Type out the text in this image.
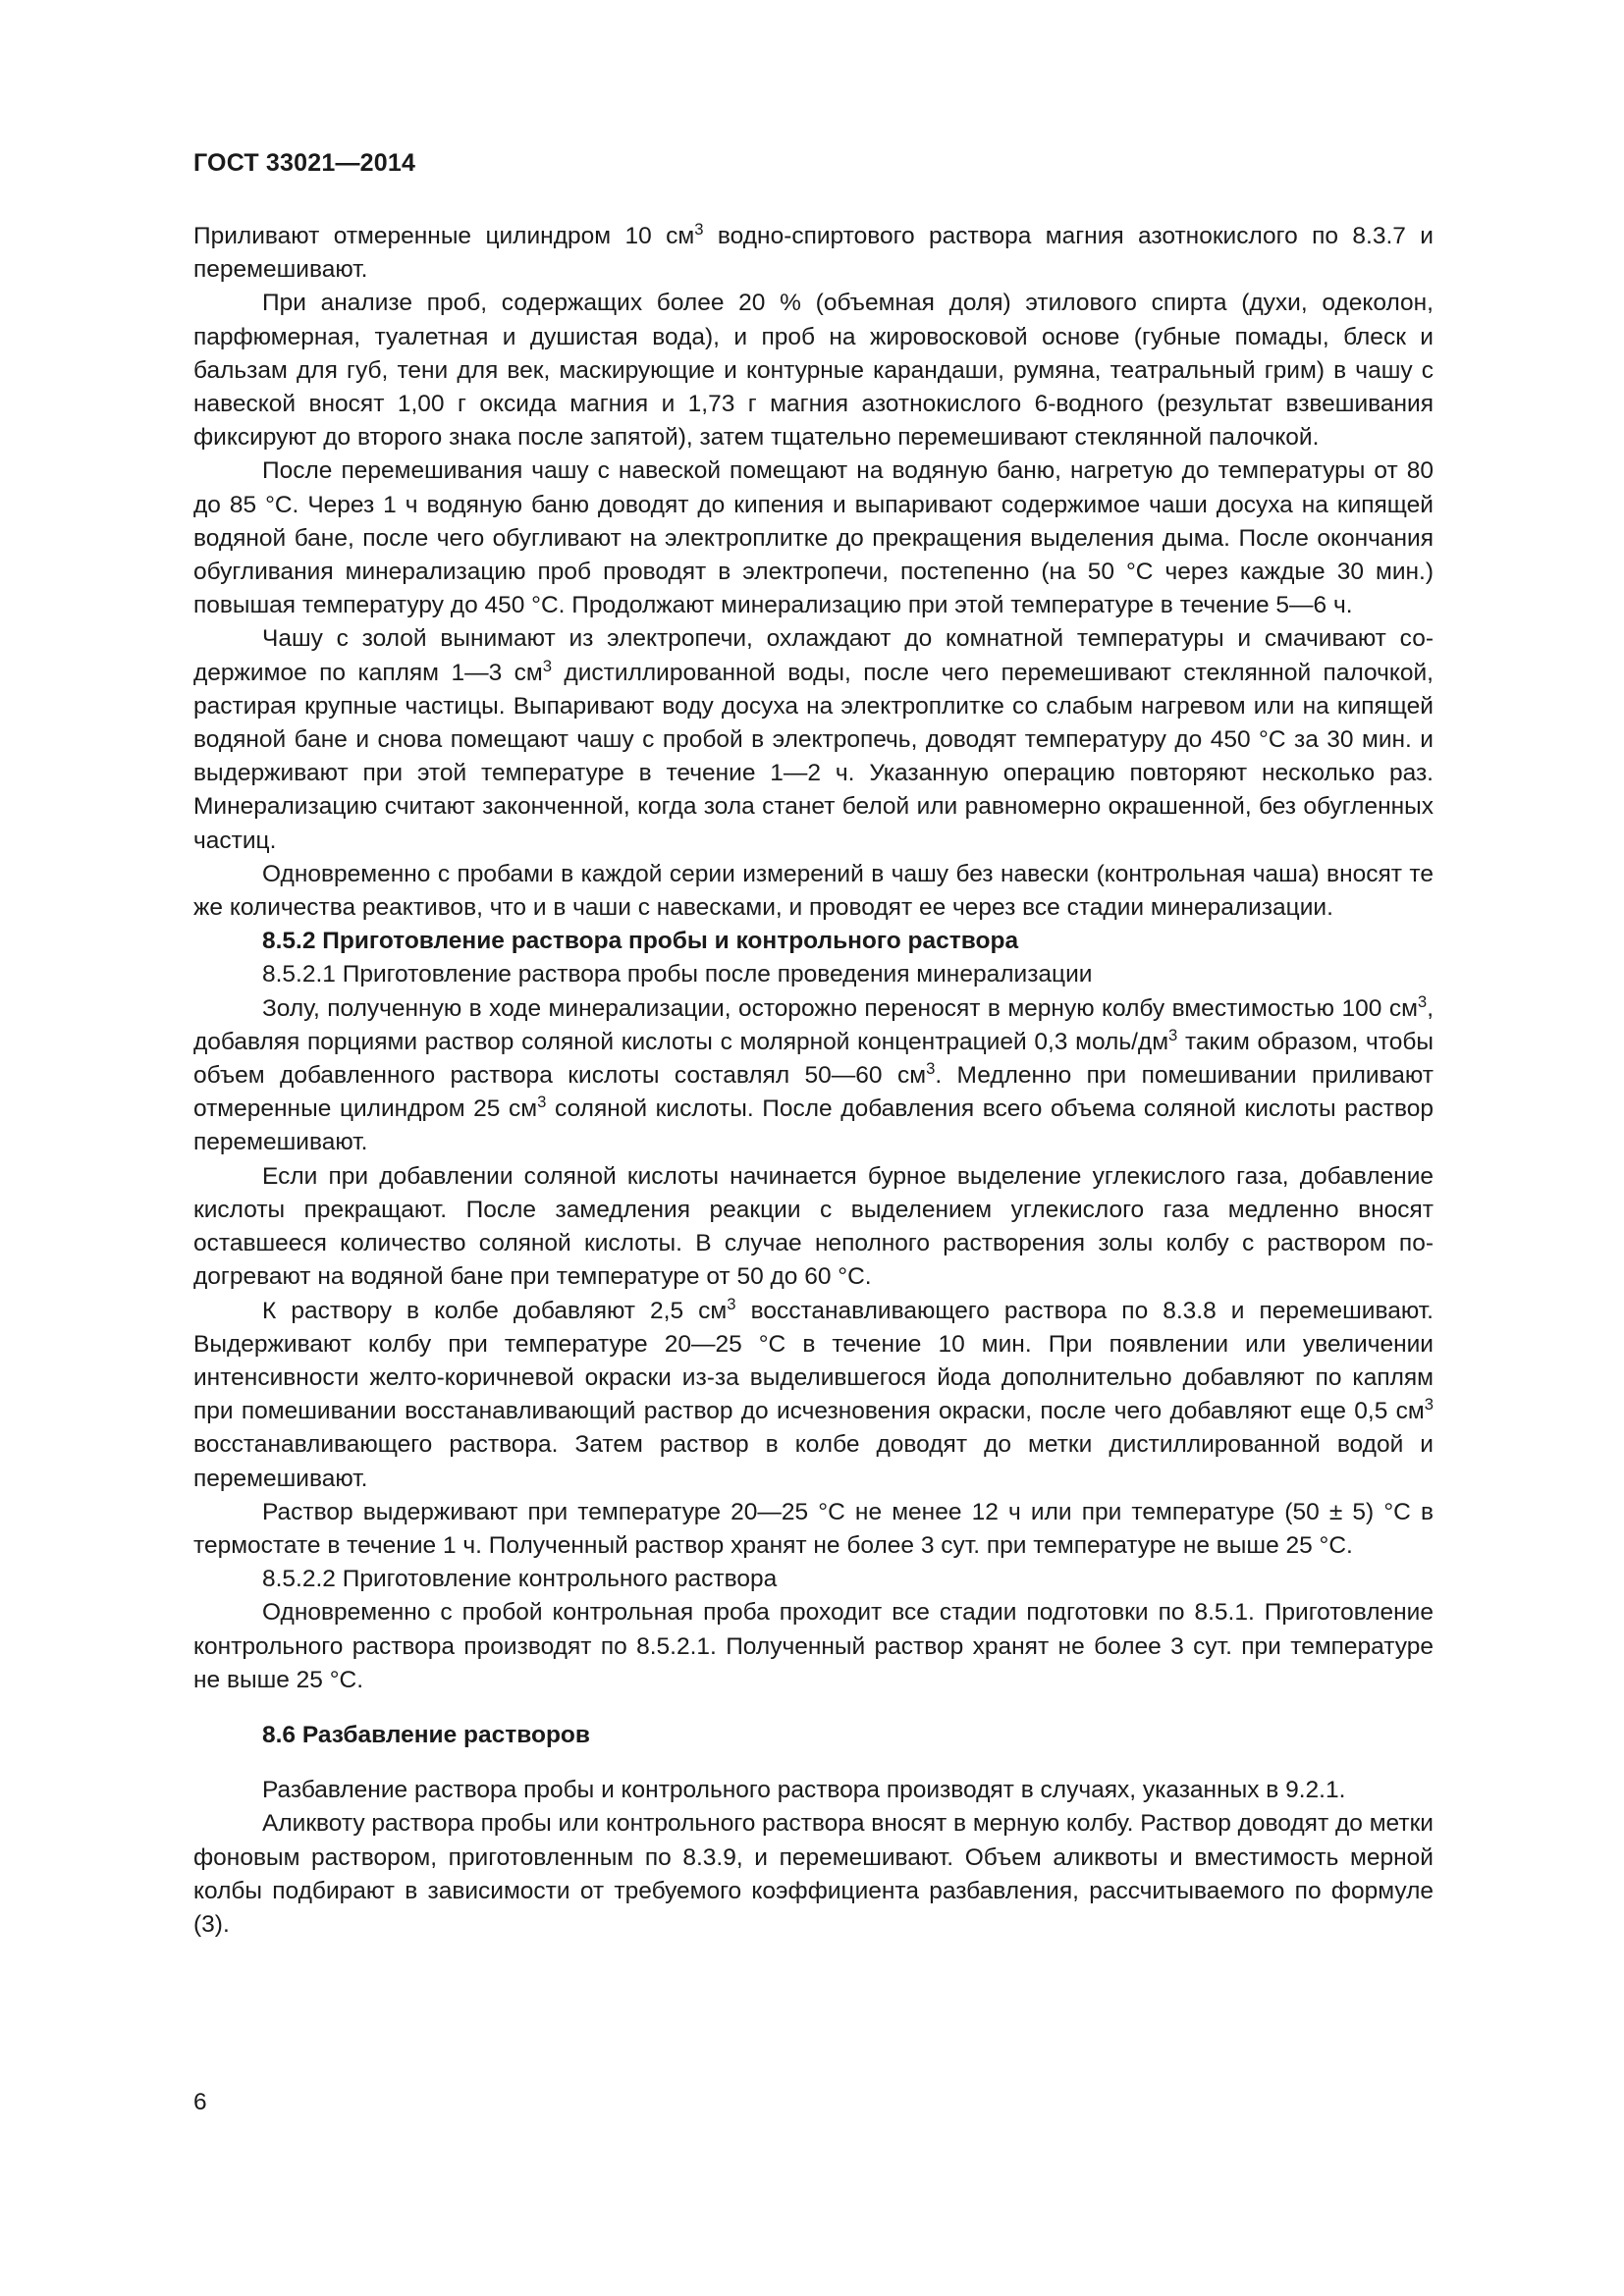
ГОСТ 33021—2014

Приливают отмеренные цилиндром 10 $см^3$ водно-спиртового раствора магния азотнокислого по 8.3.7 и перемешивают.

При анализе проб, содержащих более 20 % (объемная доля) этилового спирта (духи, одеколон, парфюмерная, туалетная и душистая вода), и проб на жировосковой основе (губные помады, блеск и бальзам для губ, тени для век, маскирующие и контурные карандаши, румяна, театральный грим) в чашу с навеской вносят 1,00 г оксида магния и 1,73 г магния азотнокислого 6-водного (результат взвешивания фиксируют до второго знака после запятой), затем тщательно перемешивают стеклянной палочкой.

После перемешивания чашу с навеской помещают на водяную баню, нагретую до температуры от 80 до 85 °С. Через 1 ч водяную баню доводят до кипения и выпаривают содержимое чаши досуха на кипящей водяной бане, после чего обугливают на электроплитке до прекращения выделения дыма. После окончания обугливания минерализацию проб проводят в электропечи, постепенно (на 50 °С через каждые 30 мин.) повышая температуру до 450 °С. Продолжают минерализацию при этой температуре в течение 5—6 ч.

Чашу с золой вынимают из электропечи, охлаждают до комнатной температуры и смачивают содержимое по каплям 1—3 $см^3$ дистиллированной воды, после чего перемешивают стеклянной палочкой, растирая крупные частицы. Выпаривают воду досуха на электроплитке со слабым нагревом или на кипящей водяной бане и снова помещают чашу с пробой в электропечь, доводят температуру до 450 °С за 30 мин. и выдерживают при этой температуре в течение 1—2 ч. Указанную операцию повторяют несколько раз. Минерализацию считают законченной, когда зола станет белой или равномерно окрашенной, без обугленных частиц.

Одновременно с пробами в каждой серии измерений в чашу без навески (контрольная чаша) вносят те же количества реактивов, что и в чаши с навесками, и проводят ее через все стадии минерализации.

8.5.2 Приготовление раствора пробы и контрольного раствора

8.5.2.1 Приготовление раствора пробы после проведения минерализации

Золу, полученную в ходе минерализации, осторожно переносят в мерную колбу вместимостью 100 $см^3$, добавляя порциями раствор соляной кислоты с молярной концентрацией 0,3 моль/$дм^3$ таким образом, чтобы объем добавленного раствора кислоты составлял 50—60 $см^3$. Медленно при помешивании приливают отмеренные цилиндром 25 $см^3$ соляной кислоты. После добавления всего объема соляной кислоты раствор перемешивают.

Если при добавлении соляной кислоты начинается бурное выделение углекислого газа, добавление кислоты прекращают. После замедления реакции с выделением углекислого газа медленно вносят оставшееся количество соляной кислоты. В случае неполного растворения золы колбу с раствором подогревают на водяной бане при температуре от 50 до 60 °С.

К раствору в колбе добавляют 2,5 $см^3$ восстанавливающего раствора по 8.3.8 и перемешивают. Выдерживают колбу при температуре 20—25 °С в течение 10 мин. При появлении или увеличении интенсивности желто-коричневой окраски из-за выделившегося йода дополнительно добавляют по каплям при помешивании восстанавливающий раствор до исчезновения окраски, после чего добавляют еще 0,5 $см^3$ восстанавливающего раствора. Затем раствор в колбе доводят до метки дистиллированной водой и перемешивают.

Раствор выдерживают при температуре 20—25 °С не менее 12 ч или при температуре (50 ± 5) °С в термостате в течение 1 ч. Полученный раствор хранят не более 3 сут. при температуре не выше 25 °С.

8.5.2.2 Приготовление контрольного раствора

Одновременно с пробой контрольная проба проходит все стадии подготовки по 8.5.1. Приготовление контрольного раствора производят по 8.5.2.1. Полученный раствор хранят не более 3 сут. при температуре не выше 25 °С.

8.6 Разбавление растворов

Разбавление раствора пробы и контрольного раствора производят в случаях, указанных в 9.2.1.

Аликвоту раствора пробы или контрольного раствора вносят в мерную колбу. Раствор доводят до метки фоновым раствором, приготовленным по 8.3.9, и перемешивают. Объем аликвоты и вместимость мерной колбы подбирают в зависимости от требуемого коэффициента разбавления, рассчитываемого по формуле (3).

6
